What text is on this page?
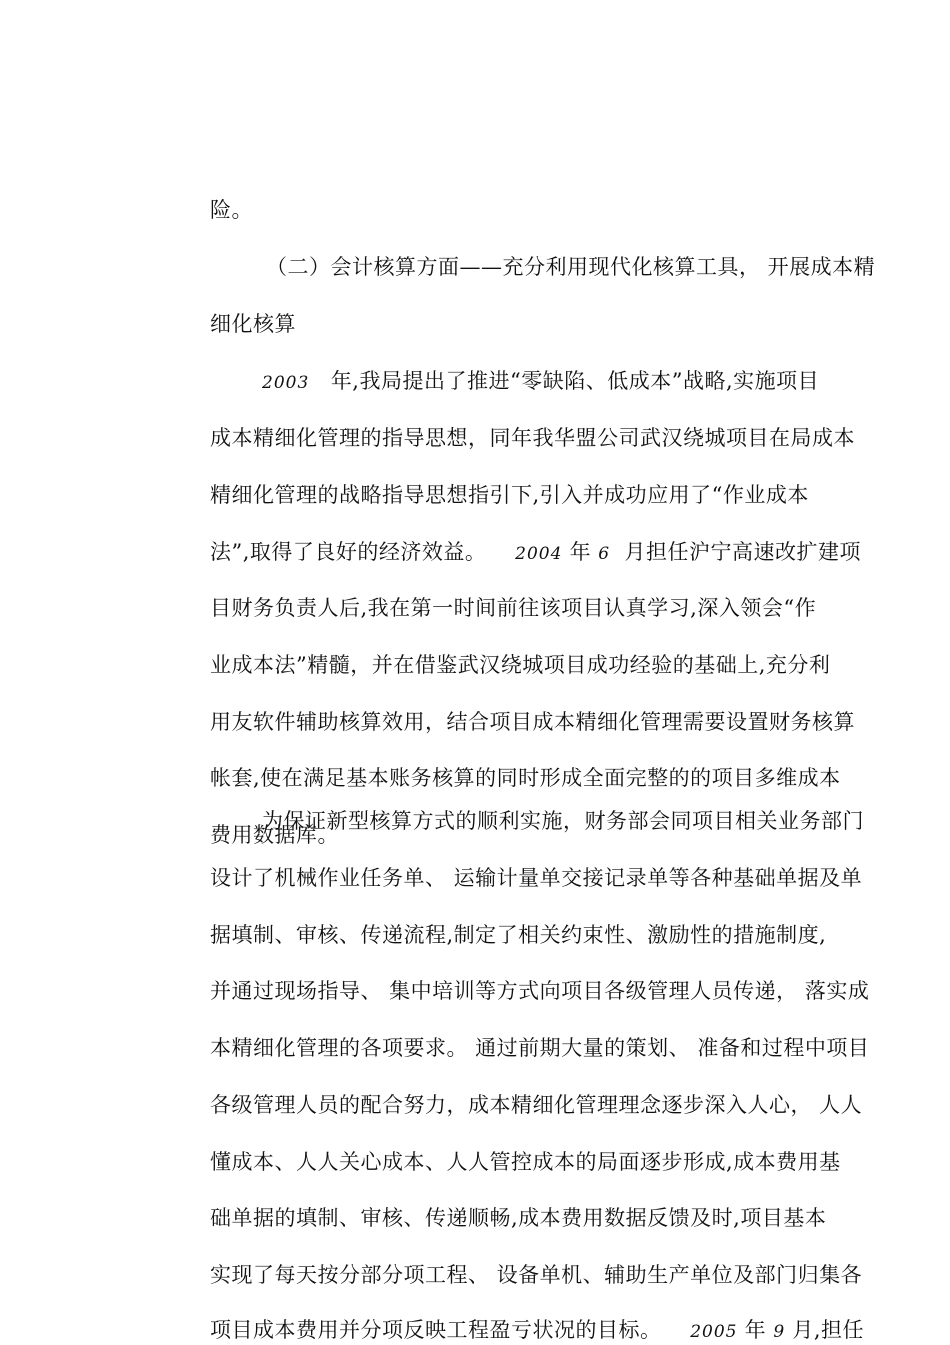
险。
（二）会计核算方面——充分利用现代化核算工具， 开展成本精
细化核算
2003 年,我局提出了推进“零缺陷、低成本”战略,实施项目
成本精细化管理的指导思想，同年我华盟公司武汉绕城项目在局成本
精细化管理的战略指导思想指引下,引入并成功应用了“作业成本
法”,取得了良好的经济效益。 2004 年 6 月担任沪宁高速改扩建项
目财务负责人后,我在第一时间前往该项目认真学习,深入领会“作
业成本法”精髓，并在借鉴武汉绕城项目成功经验的基础上,充分利
用友软件辅助核算效用，结合项目成本精细化管理需要设置财务核算
帐套,使在满足基本账务核算的同时形成全面完整的的项目多维成本
费用数据库。
为保证新型核算方式的顺利实施，财务部会同项目相关业务部门
设计了机械作业任务单、 运输计量单交接记录单等各种基础单据及单
据填制、审核、传递流程,制定了相关约束性、激励性的措施制度,
并通过现场指导、 集中培训等方式向项目各级管理人员传递， 落实成
本精细化管理的各项要求。 通过前期大量的策划、 准备和过程中项目
各级管理人员的配合努力，成本精细化管理理念逐步深入人心， 人人
懂成本、人人关心成本、人人管控成本的局面逐步形成,成本费用基
础单据的填制、审核、传递顺畅,成本费用数据反馈及时,项目基本
实现了每天按分部分项工程、 设备单机、辅助生产单位及部门归集各
项目成本费用并分项反映工程盈亏状况的目标。 2005 年 9 月,担任
